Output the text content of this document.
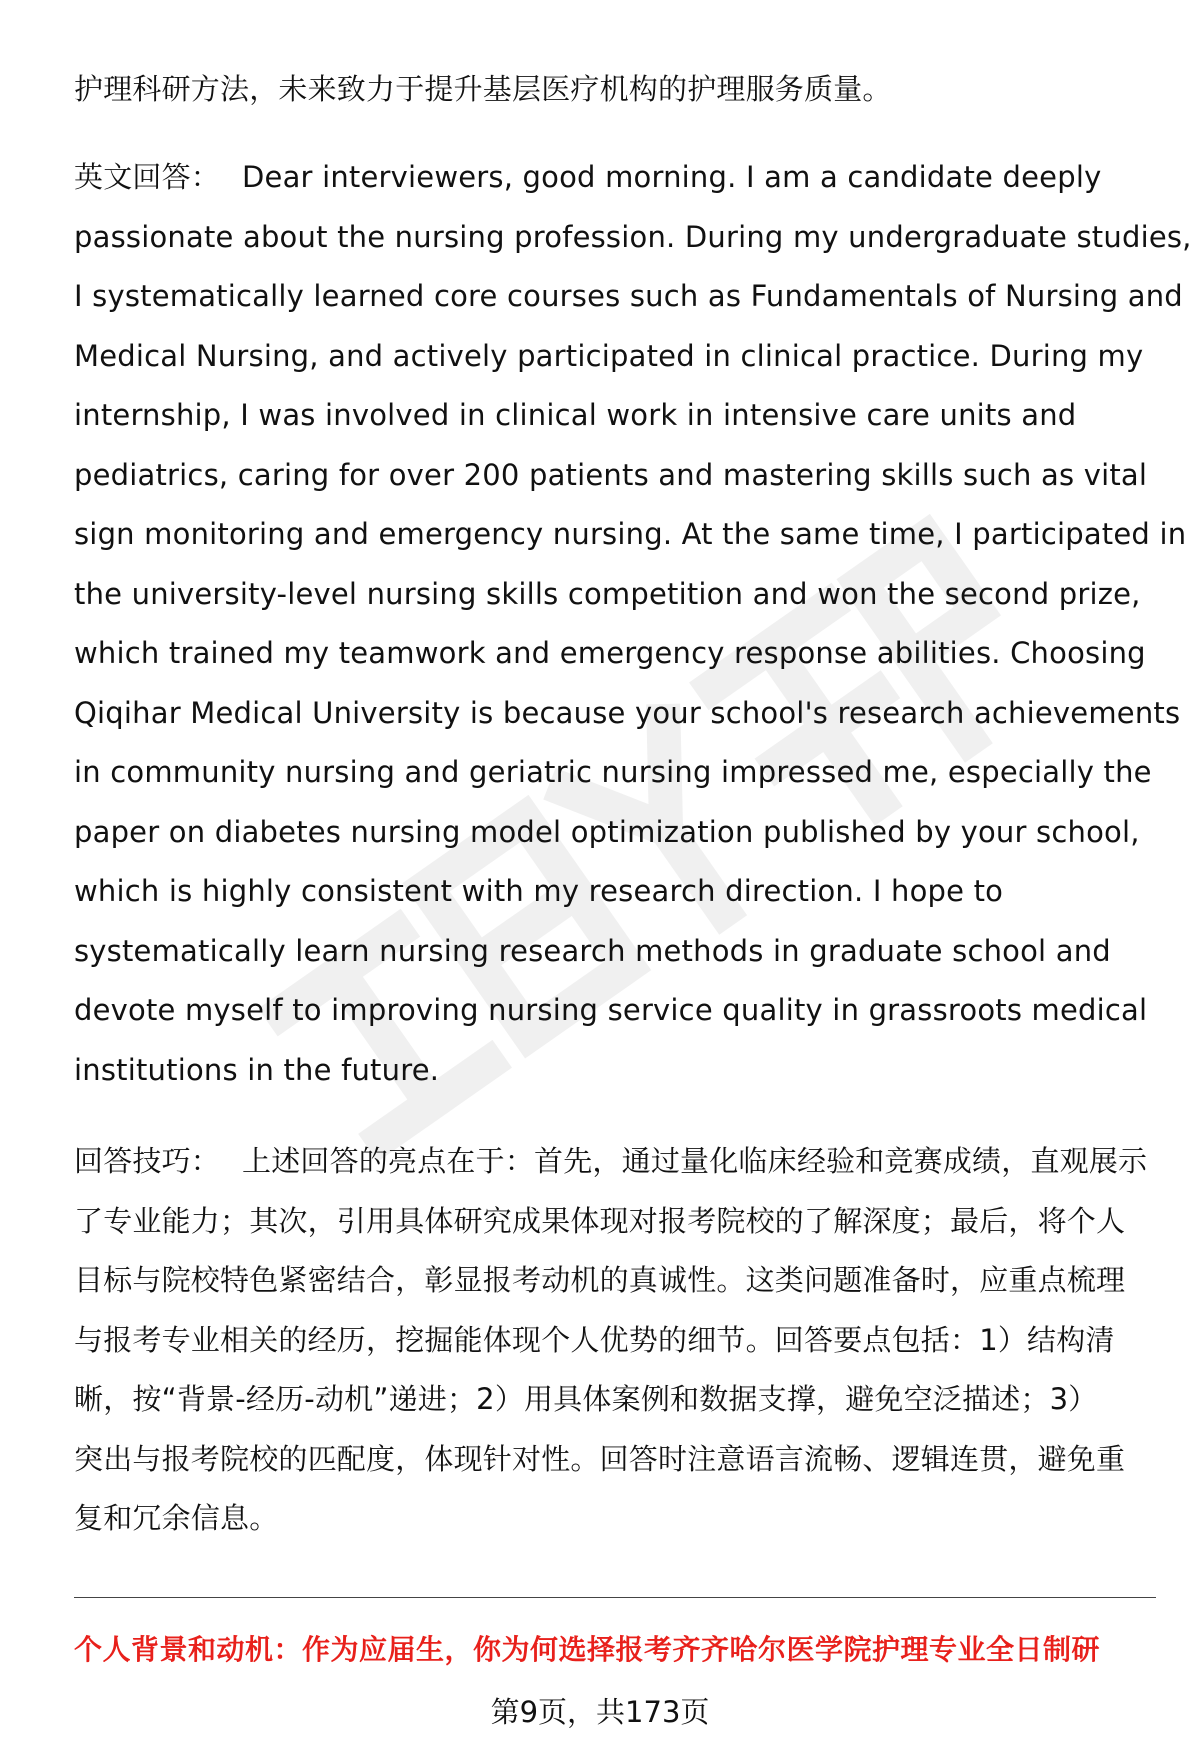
护理科研方法，未来致力于提升基层医疗机构的护理服务质量。
英文回答： Dear interviewers, good morning. I am a candidate deeply
passionate about the nursing profession. During my undergraduate studies,
I systematically learned core courses such as Fundamentals of Nursing and
Medical Nursing, and actively participated in clinical practice. During my
internship, I was involved in clinical work in intensive care units and
pediatrics, caring for over 200 patients and mastering skills such as vital
sign monitoring and emergency nursing. At the same time, I participated in
the university-level nursing skills competition and won the second prize,
which trained my teamwork and emergency response abilities. Choosing
Qiqihar Medical University is because your school's research achievements
in community nursing and geriatric nursing impressed me, especially the
paper on diabetes nursing model optimization published by your school,
which is highly consistent with my research direction. I hope to
systematically learn nursing research methods in graduate school and
devote myself to improving nursing service quality in grassroots medical
institutions in the future.
回答技巧： 上述回答的亮点在于：首先，通过量化临床经验和竞赛成绩，直观展示
了专业能力；其次，引用具体研究成果体现对报考院校的了解深度；最后，将个人
目标与院校特色紧密结合，彰显报考动机的真诚性。这类问题准备时，应重点梳理
与报考专业相关的经历，挖掘能体现个人优势的细节。回答要点包括：1）结构清
晰，按“背景-经历-动机”递进；2）用具体案例和数据支撑，避免空泛描述；3）
突出与报考院校的匹配度，体现针对性。回答时注意语言流畅、逻辑连贯，避免重
复和冗余信息。
个人背景和动机：作为应届生，你为何选择报考齐齐哈尔医学院护理专业全日制研
第9页，共173页
